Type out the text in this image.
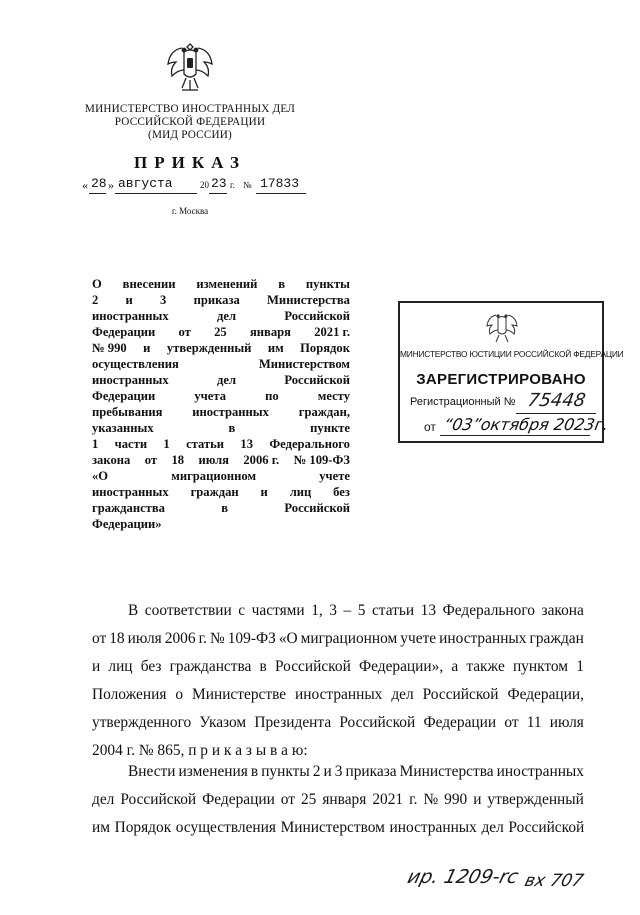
МИНИСТЕРСТВО ИНОСТРАННЫХ ДЕЛ
РОССИЙСКОЙ ФЕДЕРАЦИИ
(МИД РОССИИ)
ПРИКАЗ
« 28 » августа	20 23 г. № 17833
г. Москва
О внесении изменений в пункты
2 и 3 приказа Министерства
иностранных	дел	Российской
Федерации от 25 января 2021 г.
№ 990 и утвержденный им Порядок
осуществления	Министерством
иностранных	дел	Российской
Федерации	учета	по	месту
пребывания иностранных граждан,
указанных	в	пункте
1 части 1 статьи 13 Федерального
закона от 18 июля 2006 г. № 109-ФЗ
«О	миграционном	учете
иностранных граждан и лиц без
гражданства	в	Российской
Федерации»
МИНИСТЕРСТВО ЮСТИЦИИ РОССИЙСКОЙ ФЕДЕРАЦИИ
ЗАРЕГИСТРИРОВАНО
Регистрационный № 75448
от “03”октября 2023г.
В соответствии с частями 1, 3 – 5 статьи 13 Федерального закона
от 18 июля 2006 г. № 109-ФЗ «О миграционном учете иностранных граждан
и лиц без гражданства в Российской Федерации», а также пунктом 1
Положения о Министерстве иностранных дел Российской Федерации,
утвержденного Указом Президента Российской Федерации от 11 июля
2004 г. № 865, п р и к а з ы в а ю:
Внести изменения в пункты 2 и 3 приказа Министерства иностранных
дел Российской Федерации от 25 января 2021 г. № 990 и утвержденный
им Порядок осуществления Министерством иностранных дел Российской
ир. 1209-rc вх 707
